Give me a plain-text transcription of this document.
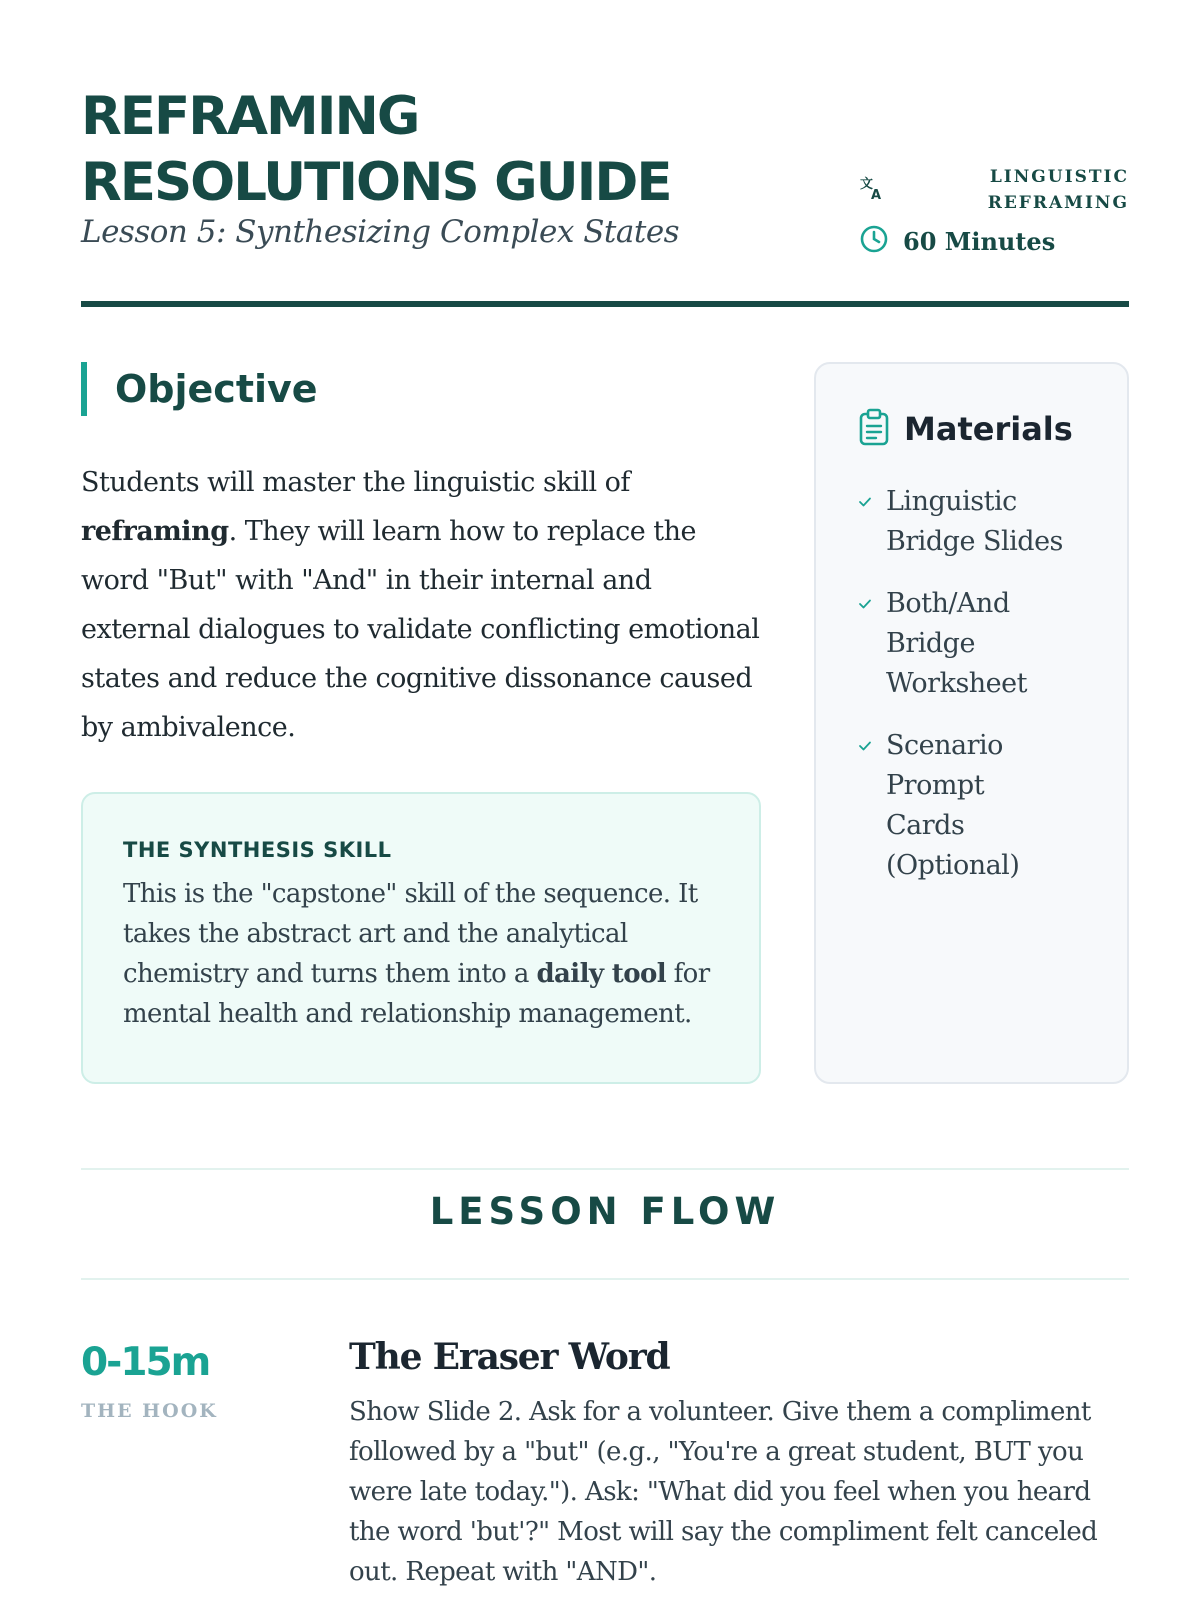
REFRAMING
RESOLUTIONS GUIDE
Lesson 5: Synthesizing Complex States
文
A
LINGUISTIC
REFRAMING
60 Minutes
Objective

Students will master the linguistic skill of reframing. They will learn how to replace the word "But" with "And" in their internal and external dialogues to validate conflicting emotional states and reduce the cognitive dissonance caused by ambivalence.

THE SYNTHESIS SKILL

This is the "capstone" skill of the sequence. It takes the abstract art and the analytical chemistry and turns them into a daily tool for mental health and relationship management.

Materials
Linguistic Bridge Slides
Both/And Bridge Worksheet
Scenario Prompt Cards (Optional)
LESSON FLOW
0-15m
THE HOOK
The Eraser Word

Show Slide 2. Ask for a volunteer. Give them a compliment followed by a "but" (e.g., "You're a great student, BUT you were late today."). Ask: "What did you feel when you heard the word 'but'?" Most will say the compliment felt canceled out. Repeat with "AND".
